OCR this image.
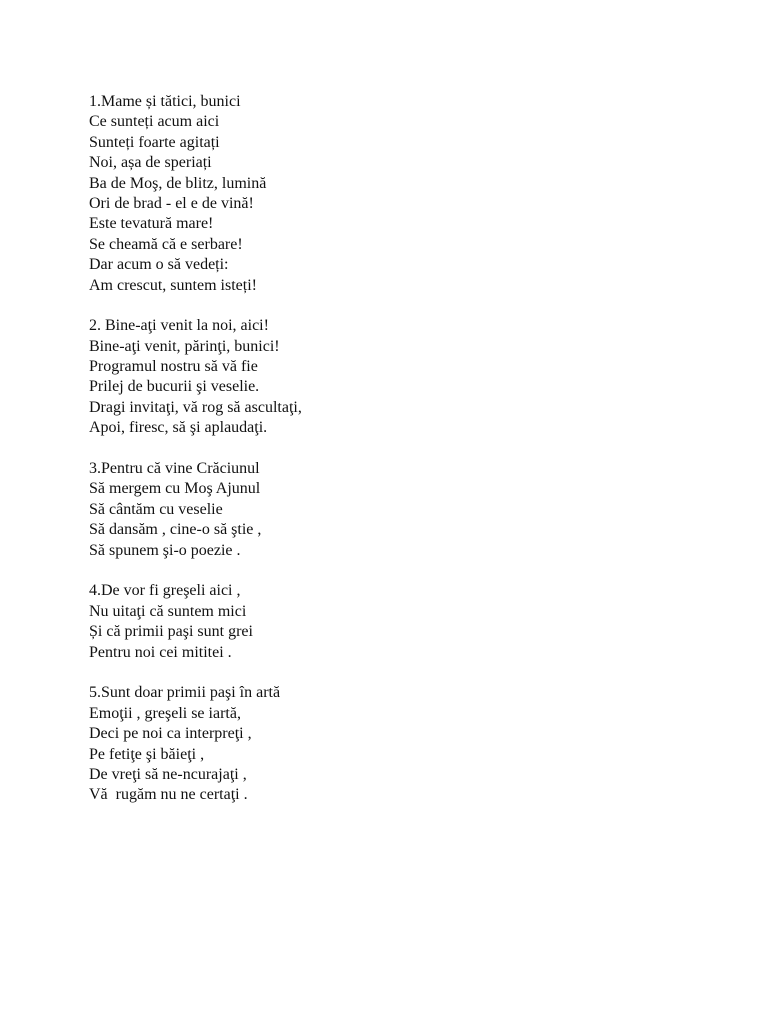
1.Mame și tătici, bunici
Ce sunteți acum aici
Sunteți foarte agitați
Noi, așa de speriați
Ba de Moş, de blitz, lumină
Ori de brad - el e de vină!
Este tevatură mare!
Se cheamă că e serbare!
Dar acum o să vedeți:
Am crescut, suntem isteți!
2. Bine-aţi venit la noi, aici!
Bine-aţi venit, părinţi, bunici!
Programul nostru să vă fie
Prilej de bucurii şi veselie.
Dragi invitaţi, vă rog să ascultaţi,
Apoi, firesc, să şi aplaudaţi.
3.Pentru că vine Crăciunul
Să mergem cu Moş Ajunul
Să cântăm cu veselie
Să dansăm , cine-o să ştie ,
Să spunem şi-o poezie .
4.De vor fi greşeli aici ,
Nu uitaţi că suntem mici
Și că primii paşi sunt grei
Pentru noi cei mititei .
5.Sunt doar primii paşi în artă
Emoţii , greşeli se iartă,
Deci pe noi ca interpreţi ,
Pe fetiţe şi băieţi ,
De vreţi să ne-ncurajaţi ,
Vă  rugăm nu ne certaţi .
